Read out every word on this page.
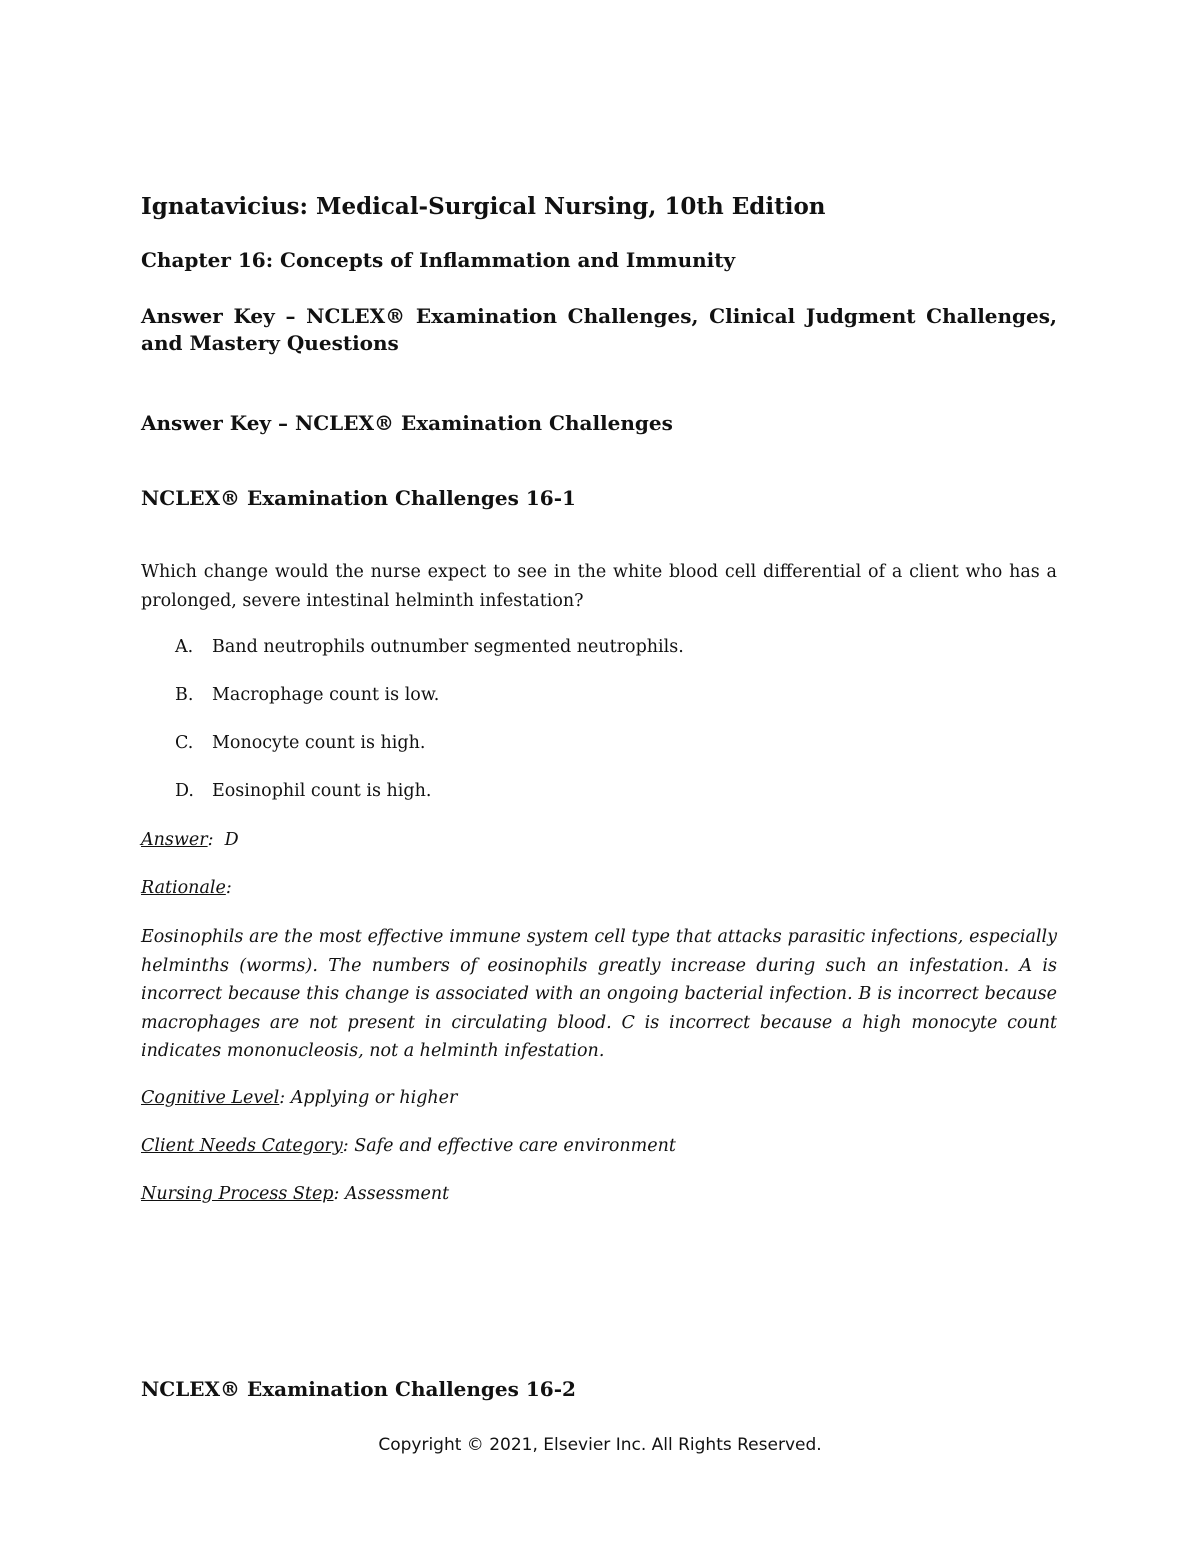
Ignatavicius: Medical-Surgical Nursing, 10th Edition

Chapter 16: Concepts of Inflammation and Immunity

Answer Key – NCLEX® Examination Challenges, Clinical Judgment Challenges, and Mastery Questions

Answer Key – NCLEX® Examination Challenges

NCLEX® Examination Challenges 16-1

Which change would the nurse expect to see in the white blood cell differential of a client who has a prolonged, severe intestinal helminth infestation?

A. Band neutrophils outnumber segmented neutrophils.

B. Macrophage count is low.

C. Monocyte count is high.

D. Eosinophil count is high.

Answer:  D

Rationale:

Eosinophils are the most effective immune system cell type that attacks parasitic infections, especially helminths (worms). The numbers of eosinophils greatly increase during such an infestation. A is incorrect because this change is associated with an ongoing bacterial infection. B is incorrect because macrophages are not present in circulating blood. C is incorrect because a high monocyte count indicates mononucleosis, not a helminth infestation.

Cognitive Level: Applying or higher

Client Needs Category: Safe and effective care environment

Nursing Process Step: Assessment

NCLEX® Examination Challenges 16-2

Copyright © 2021, Elsevier Inc. All Rights Reserved.
